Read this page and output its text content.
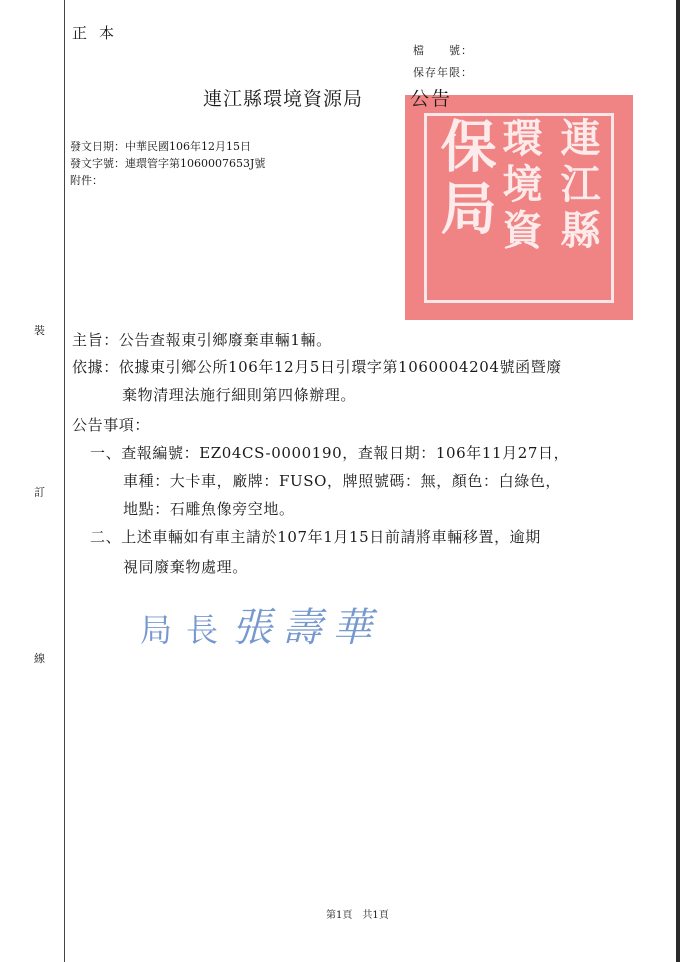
正本
檔　　號：
保存年限：
保局
環境資 連江縣
連江縣環境資源局 公告
發文日期：中華民國106年12月15日
發文字號：連環管字第1060007653J號
附件：
裝
訂
線
主旨：公告查報東引鄉廢棄車輛1輛。
依據：依據東引鄉公所106年12月5日引環字第1060004204號函暨廢
棄物清理法施行細則第四條辦理。
公告事項：
一、查報編號：EZ04CS-0000190，查報日期：106年11月27日，
車種：大卡車，廠牌：FUSO，牌照號碼：無，顏色：白綠色，
地點：石雕魚像旁空地。
二、上述車輛如有車主請於107年1月15日前請將車輛移置，逾期
視同廢棄物處理。
局長張壽華
第1頁　共1頁
